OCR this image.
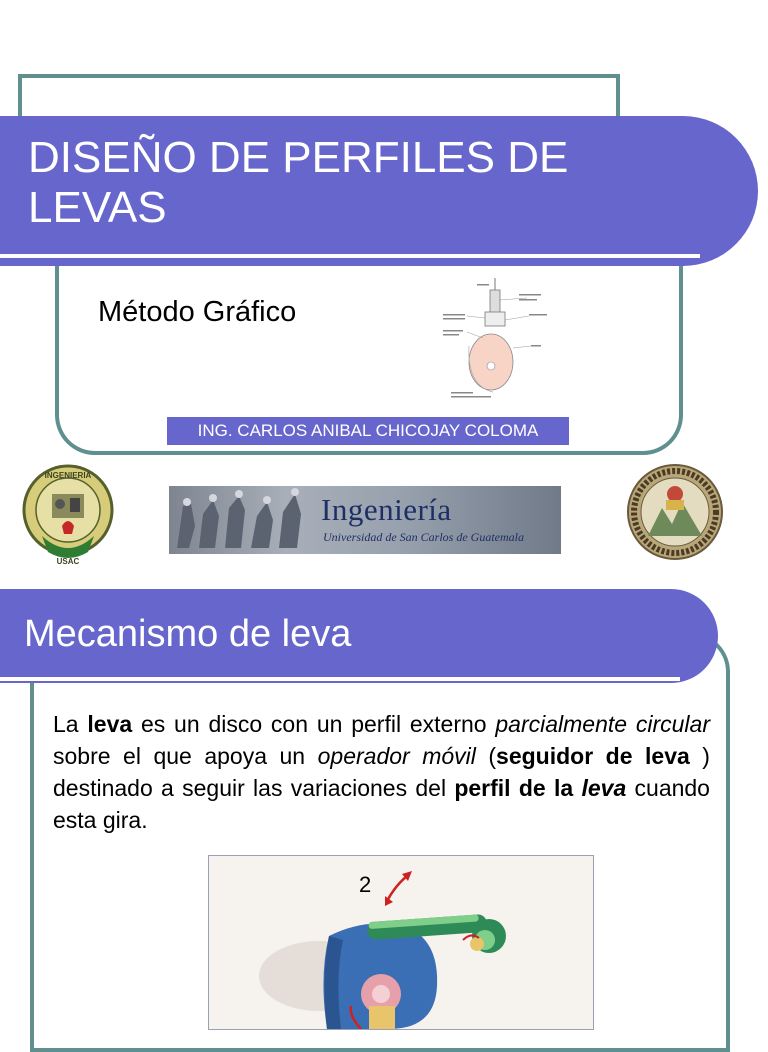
DISEÑO DE PERFILES DE LEVAS
Método Gráfico
ING. CARLOS ANIBAL CHICOJAY COLOMA
INGENIERIA
USAC
Ingeniería
Universidad de San Carlos de Guatemala
Mecanismo de leva

La leva es un disco con un perfil externo parcialmente circular sobre el que apoya un operador móvil (seguidor de leva ) destinado a seguir las variaciones del perfil de la leva cuando esta gira.

2
